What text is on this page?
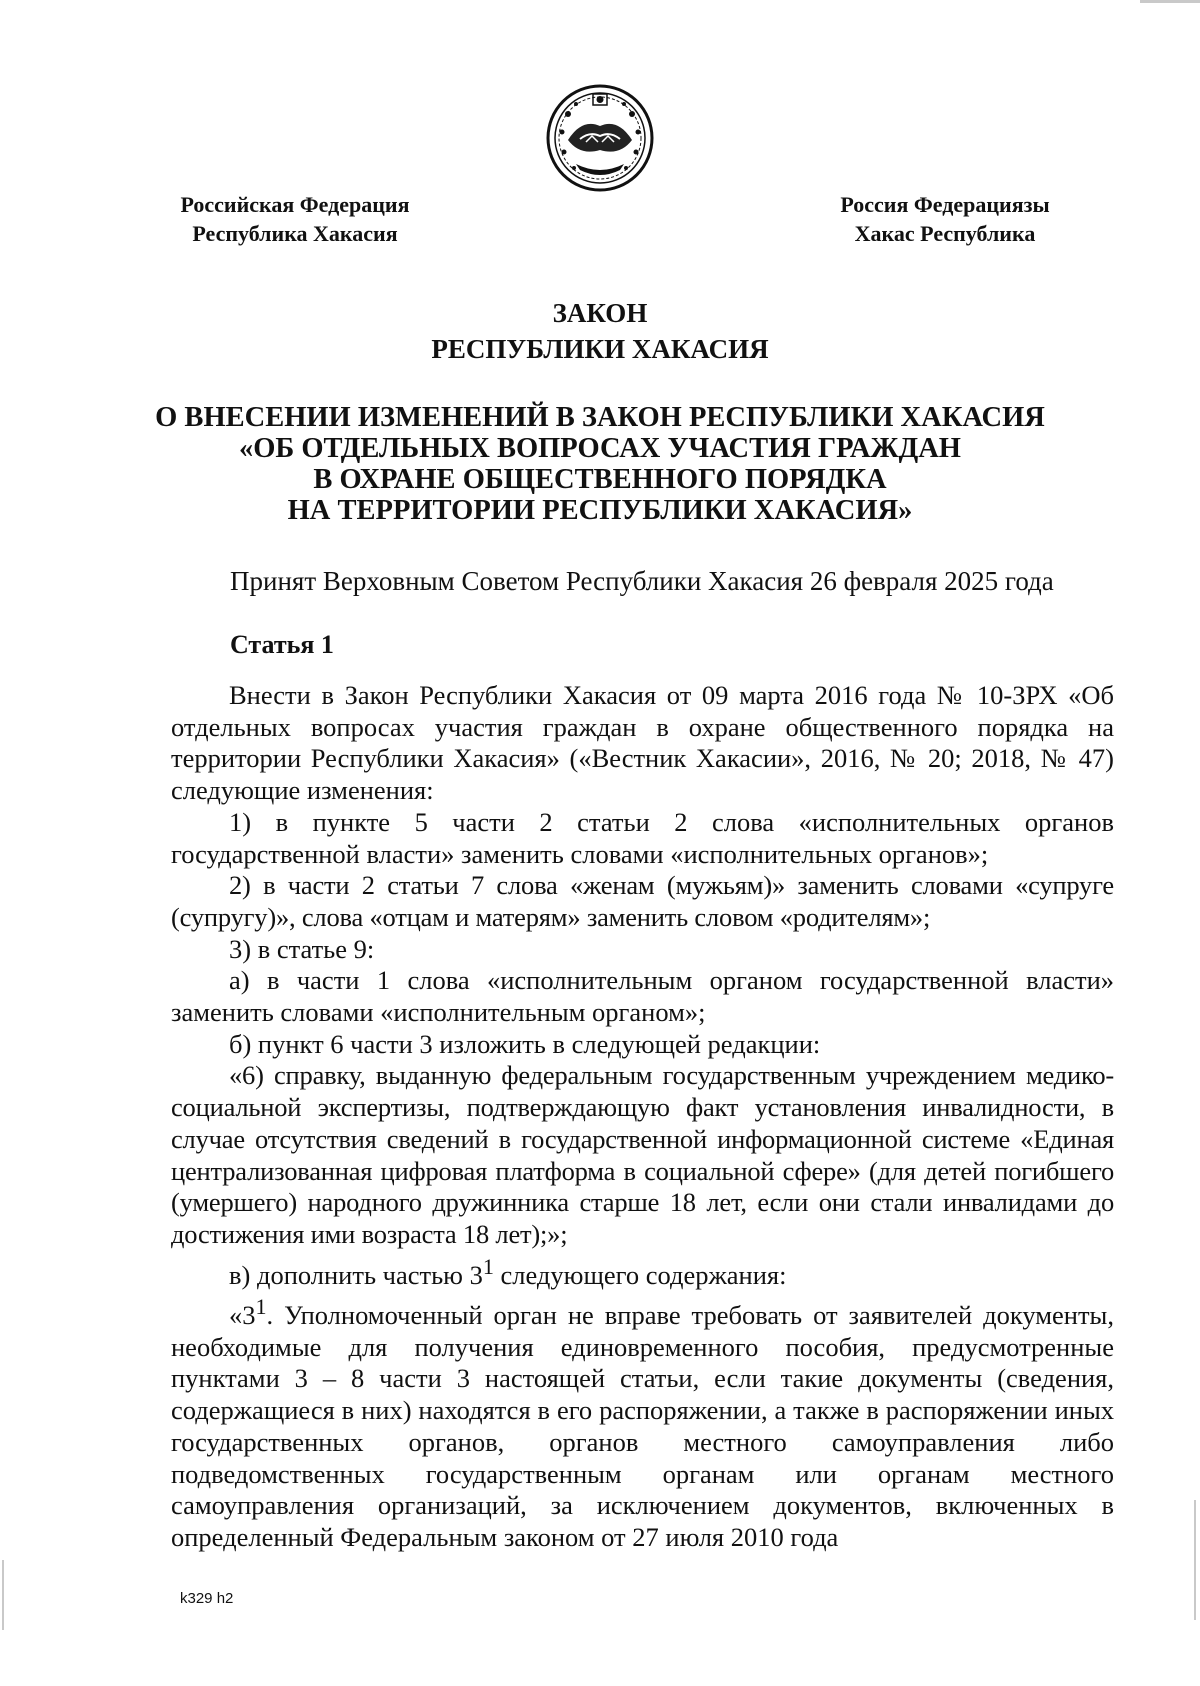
Российская Федерация
Республика Хакасия
Россия Федерациязы
Хакас Республика
ЗАКОН
РЕСПУБЛИКИ ХАКАСИЯ
О ВНЕСЕНИИ ИЗМЕНЕНИЙ В ЗАКОН РЕСПУБЛИКИ ХАКАСИЯ
«ОБ ОТДЕЛЬНЫХ ВОПРОСАХ УЧАСТИЯ ГРАЖДАН
В ОХРАНЕ ОБЩЕСТВЕННОГО ПОРЯДКА
НА ТЕРРИТОРИИ РЕСПУБЛИКИ ХАКАСИЯ»
Принят Верховным Советом Республики Хакасия 26 февраля 2025 года
Статья 1

Внести в Закон Республики Хакасия от 09 марта 2016 года № 10-ЗРХ «Об отдельных вопросах участия граждан в охране общественного порядка на территории Республики Хакасия» («Вестник Хакасии», 2016, № 20; 2018, № 47) следующие изменения:

1) в пункте 5 части 2 статьи 2 слова «исполнительных органов государственной власти» заменить словами «исполнительных органов»;

2) в части 2 статьи 7 слова «женам (мужьям)» заменить словами «супруге (супругу)», слова «отцам и матерям» заменить словом «родителям»;

3) в статье 9:

а) в части 1 слова «исполнительным органом государственной власти» заменить словами «исполнительным органом»;

б) пункт 6 части 3 изложить в следующей редакции:

«6) справку, выданную федеральным государственным учреждением медико-социальной экспертизы, подтверждающую факт установления инвалидности, в случае отсутствия сведений в государственной информационной системе «Единая централизованная цифровая платформа в социальной сфере» (для детей погибшего (умершего) народного дружинника старше 18 лет, если они стали инвалидами до достижения ими возраста 18 лет);»;

в) дополнить частью $3^1$ следующего содержания:

«$3^1$. Уполномоченный орган не вправе требовать от заявителей документы, необходимые для получения единовременного пособия, предусмотренные пунктами 3 – 8 части 3 настоящей статьи, если такие документы (сведения, содержащиеся в них) находятся в его распоряжении, а также в распоряжении иных государственных органов, органов местного самоуправления либо подведомственных государственным органам или органам местного самоуправления организаций, за исключением документов, включенных в определенный Федеральным законом от 27 июля 2010 года

k329 h2
